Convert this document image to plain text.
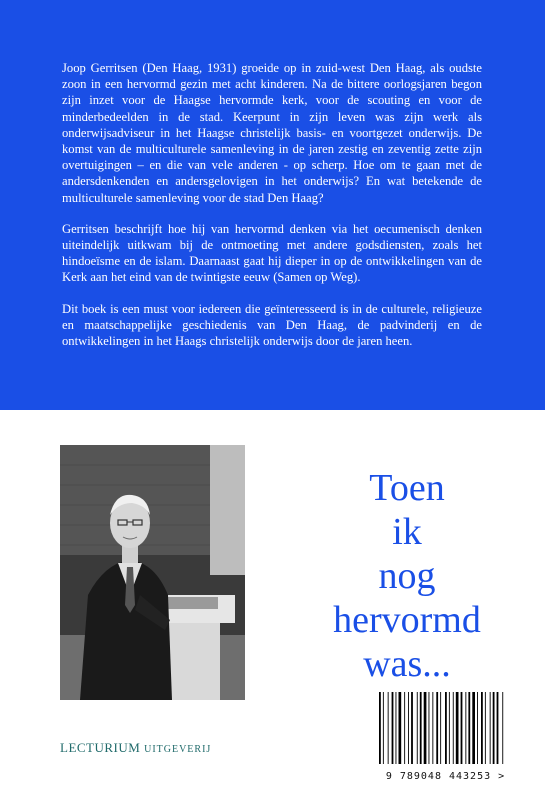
Joop Gerritsen (Den Haag, 1931) groeide op in zuid-west Den Haag, als oudste zoon in een hervormd gezin met acht kinderen. Na de bittere oorlogsjaren begon zijn inzet voor de Haagse hervormde kerk, voor de scouting en voor de minderbedeelden in de stad. Keerpunt in zijn leven was zijn werk als onderwijsadviseur in het Haagse christelijk basis- en voortgezet onderwijs. De komst van de multiculturele samenleving in de jaren zestig en zeventig zette zijn overtuigingen – en die van vele anderen - op scherp. Hoe om te gaan met de andersdenkenden en andersgelovigen in het onderwijs? En wat betekende de multiculturele samenleving voor de stad Den Haag?

Gerritsen beschrijft hoe hij van hervormd denken via het oecumenisch denken uiteindelijk uitkwam bij de ontmoeting met andere godsdiensten, zoals het hindoeïsme en de islam. Daarnaast gaat hij dieper in op de ontwikkelingen van de Kerk aan het eind van de twintigste eeuw (Samen op Weg).

Dit boek is een must voor iedereen die geïnteresseerd is in de culturele, religieuze en maatschappelijke geschiedenis van Den Haag, de padvinderij en de ontwikkelingen in het Haags christelijk onderwijs door de jaren heen.

Toen
ik
nog
hervormd
was...
LECTURIUM UITGEVERIJ
9 789048 443253 >
